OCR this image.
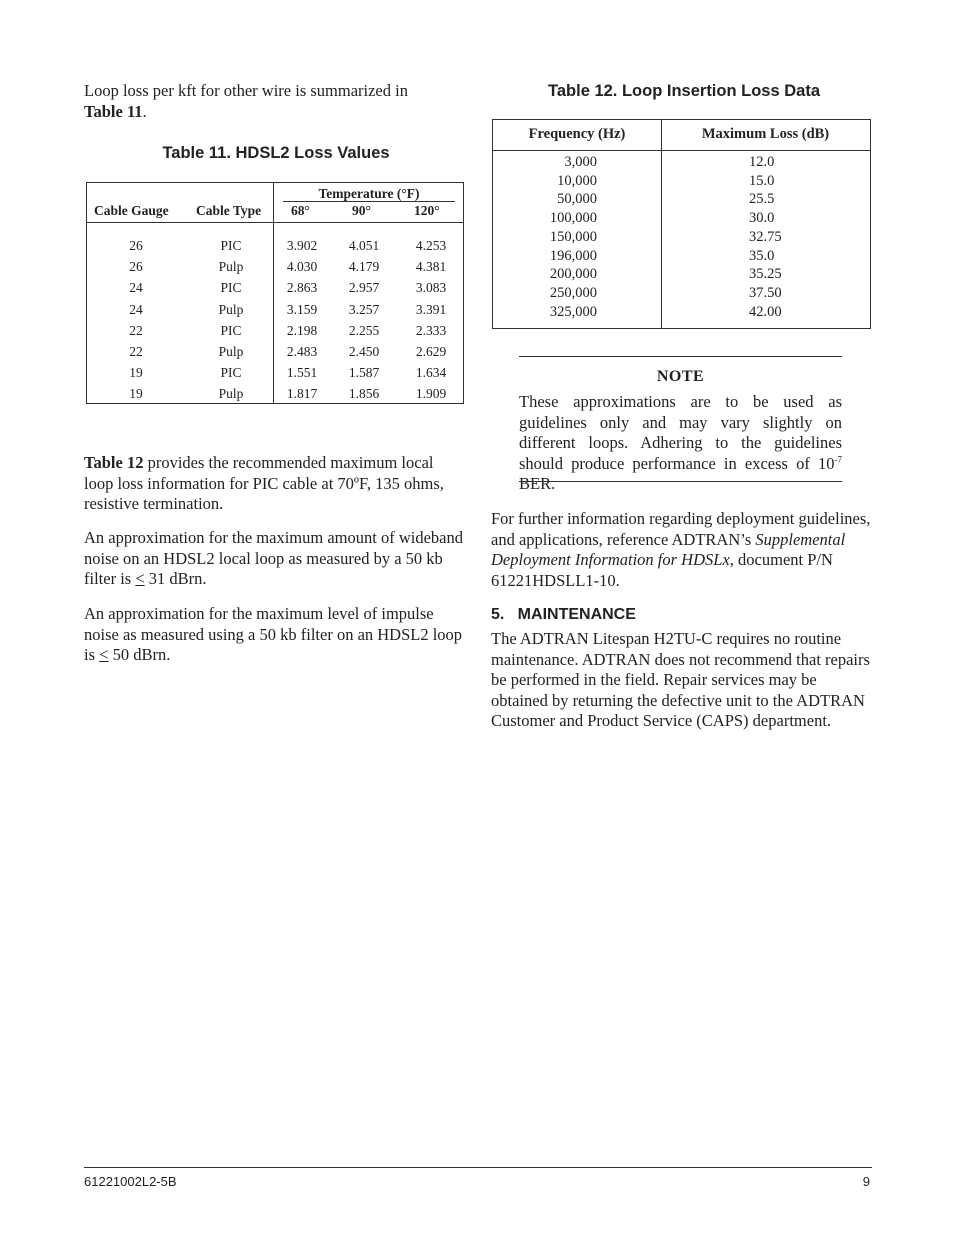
Loop loss per kft for other wire is summarized in
Table 11.

Table 11. HDSL2 Loss Values
Cable Gauge Cable Type
Temperature (°F)
68°	90°	120°
26	PIC	3.902	4.051	4.253
26	Pulp	4.030	4.179	4.381
24	PIC	2.863	2.957	3.083
24	Pulp	3.159	3.257	3.391
22	PIC	2.198	2.255	2.333
22	Pulp	2.483	2.450	2.629
19	PIC	1.551	1.587	1.634
19	Pulp	1.817	1.856	1.909

Table 12 provides the recommended maximum local loop loss information for PIC cable at 70ºF, 135 ohms, resistive termination.

An approximation for the maximum amount of wideband noise on an HDSL2 local loop as measured by a 50 kb filter is ≤ 31 dBrn.

An approximation for the maximum level of impulse noise as measured using a 50 kb filter on an HDSL2 loop is ≤ 50 dBrn.

Table 12. Loop Insertion Loss Data
Frequency (Hz)	Maximum Loss (dB)
3,000	12.0
10,000	15.0
50,000	25.5
100,000	30.0
150,000	32.75
196,000	35.0
200,000	35.25
250,000	37.50
325,000	42.00
NOTE
These approximations are to be used as guidelines only and may vary slightly on different loops. Adhering to the guidelines should produce performance in excess of $10^{-7}$ BER.

For further information regarding deployment guidelines, and applications, reference ADTRAN’s Supplemental Deployment Information for HDSLx, document P/N 61221HDSLL1-10.

5.   MAINTENANCE

The ADTRAN Litespan H2TU-C requires no routine maintenance. ADTRAN does not recommend that repairs be performed in the field. Repair services may be obtained by returning the defective unit to the ADTRAN Customer and Product Service (CAPS) department.

61221002L2-5B	9
